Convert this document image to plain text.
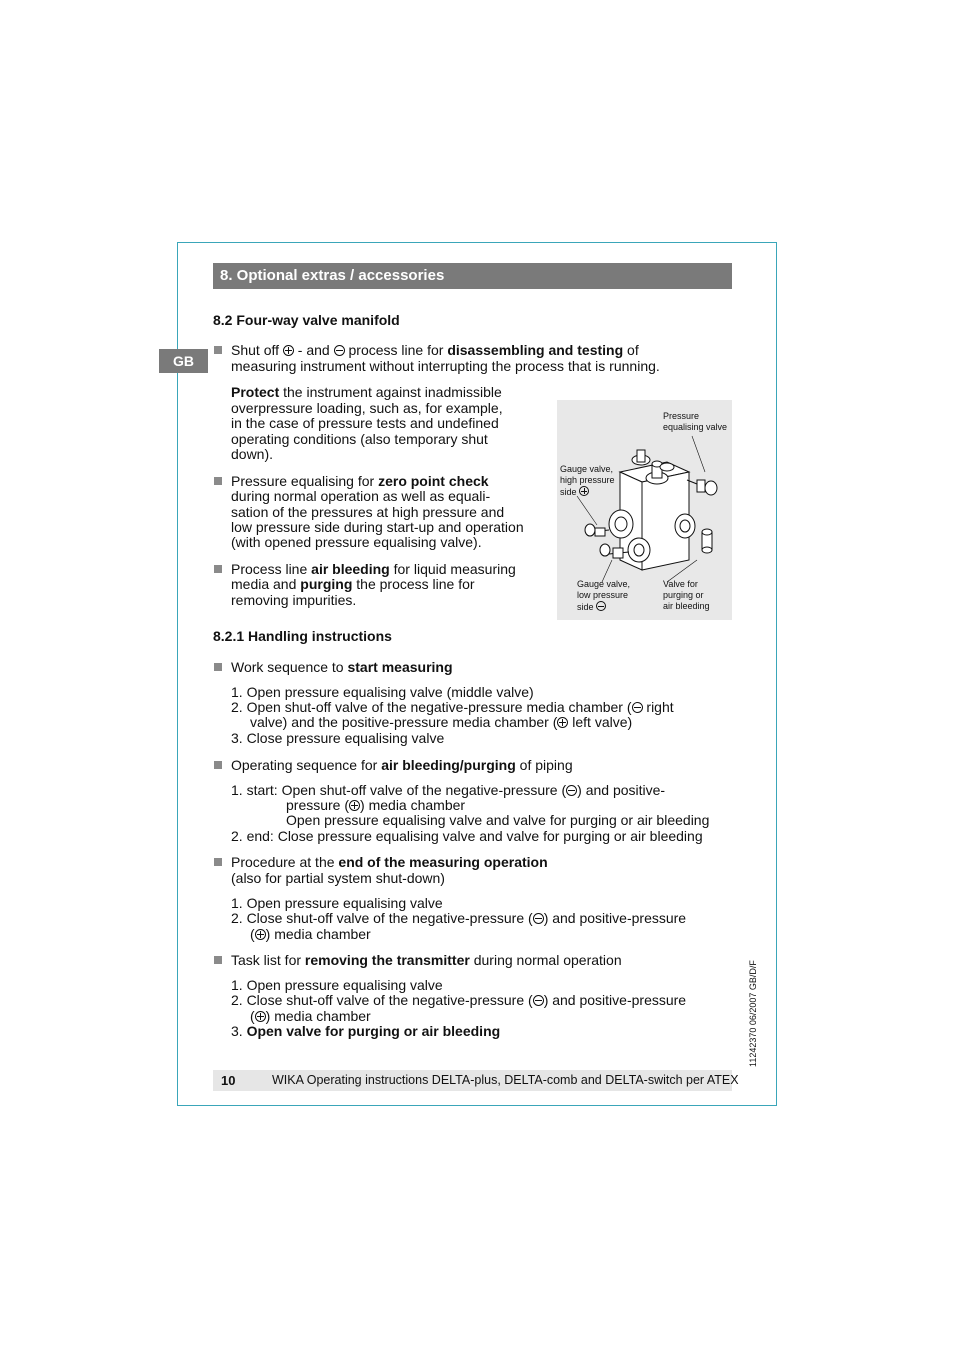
8. Optional extras / accessories
GB
8.2 Four-way valve manifold
Shut off  - and  process line for disassembling and testing of
measuring instrument without interrupting the process that is running.
Protect the instrument against inadmissible
overpressure loading, such as, for example,
in the case of pressure tests and undefined
operating conditions (also temporary shut
down).
Pressure equalising for zero point check
during normal operation as well as equali-
sation of the pressures at high pressure and
low pressure side during start-up and operation
(with opened pressure equalising valve).
Process line air bleeding for liquid measuring
media and purging the process line for
removing impurities.
Pressure
equalising valve
Gauge valve,
high pressure
side
Gauge valve,
low pressure
side
Valve for
purging or
air bleeding
8.2.1 Handling instructions
Work sequence to start measuring
1. Open pressure equalising valve (middle valve)
2. Open shut-off valve of the negative-pressure media chamber ( right
valve) and the positive-pressure media chamber ( left valve)
3. Close pressure equalising valve
Operating sequence for air bleeding/purging of piping
1. start: Open shut-off valve of the negative-pressure ( ) and positive-
pressure ( ) media chamber
Open pressure equalising valve and valve for purging or air bleeding
2. end: Close pressure equalising valve and valve for purging or air bleeding
Procedure at the end of the measuring operation
(also for partial system shut-down)
1. Open pressure equalising valve
2. Close shut-off valve of the negative-pressure ( ) and positive-pressure
( ) media chamber
Task list for removing the transmitter during normal operation
1. Open pressure equalising valve
2. Close shut-off valve of the negative-pressure ( ) and positive-pressure
( ) media chamber
3. Open valve for purging or air bleeding
10	WIKA Operating instructions DELTA-plus, DELTA-comb and DELTA-switch per ATEX
11242370 06/2007 GB/D/F
